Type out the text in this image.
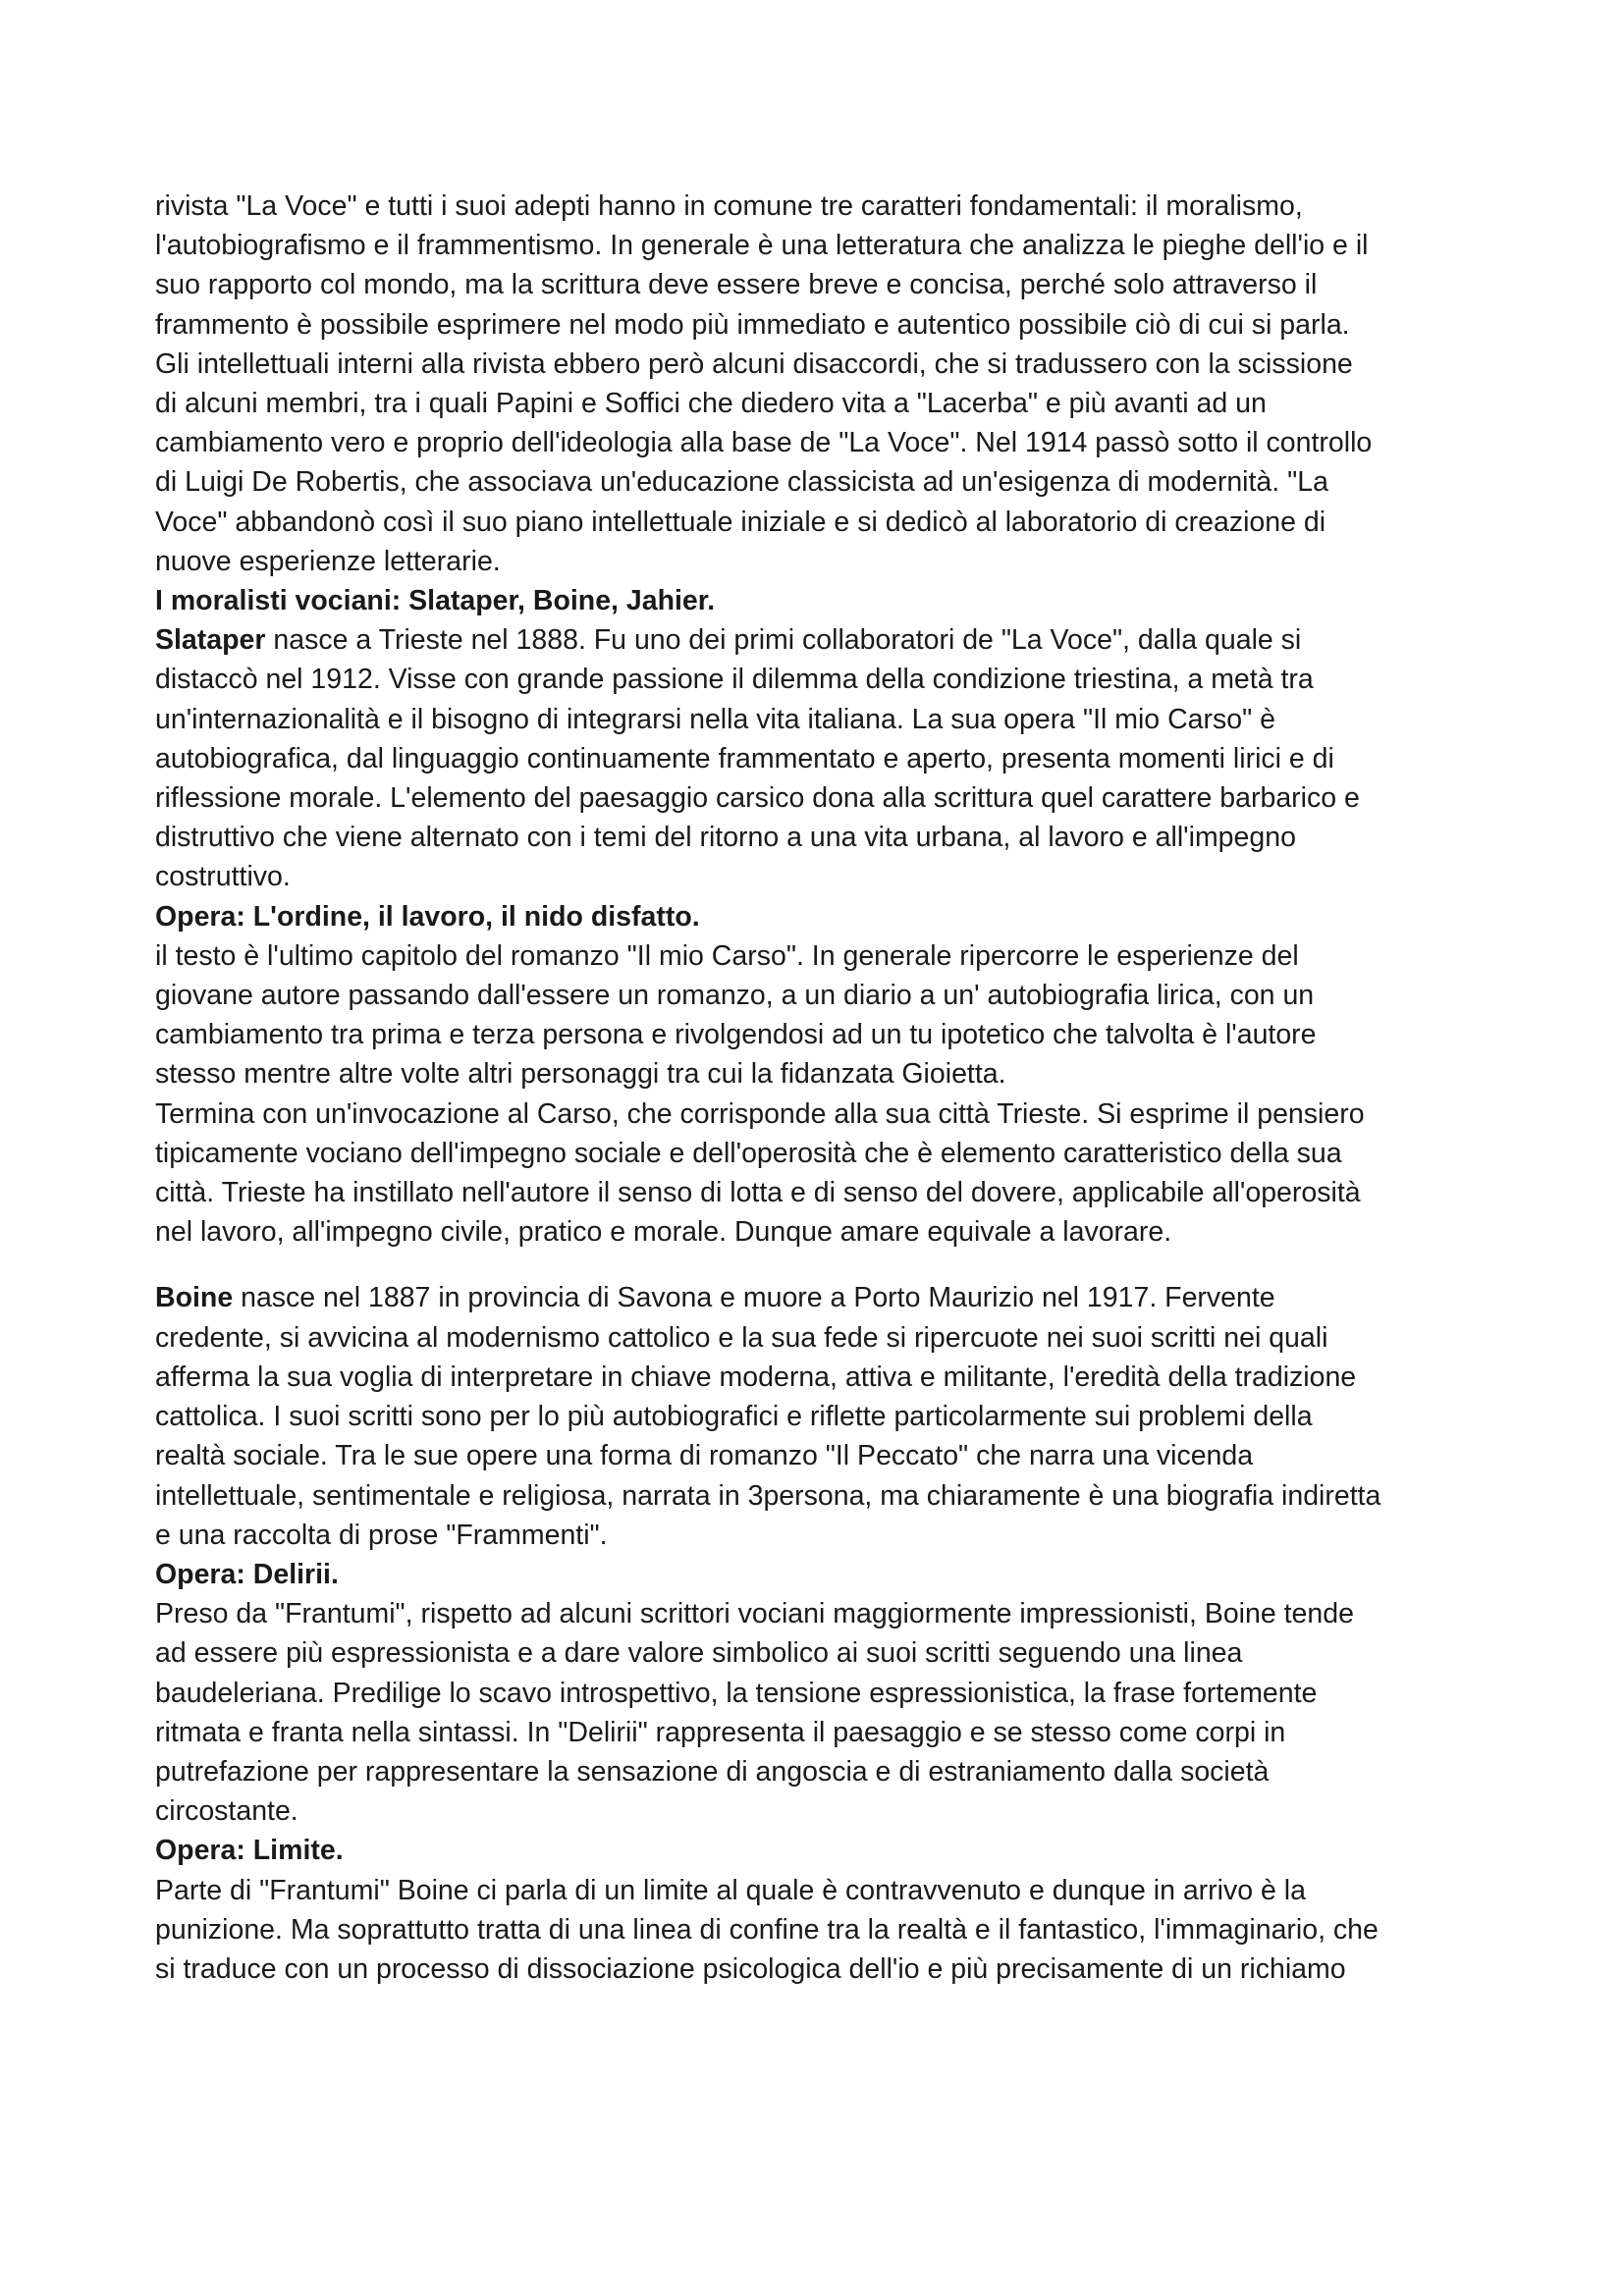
rivista "La Voce" e tutti i suoi adepti hanno in comune tre caratteri fondamentali: il moralismo,
l'autobiografismo e il frammentismo. In generale è una letteratura che analizza le pieghe dell'io e il
suo rapporto col mondo, ma la scrittura deve essere breve e concisa, perché solo attraverso il
frammento è possibile esprimere nel modo più immediato e autentico possibile ciò di cui si parla.
Gli intellettuali interni alla rivista ebbero però alcuni disaccordi, che si tradussero con la scissione
di alcuni membri, tra i quali Papini e Soffici che diedero vita a "Lacerba" e più avanti ad un
cambiamento vero e proprio dell'ideologia alla base de "La Voce". Nel 1914 passò sotto il controllo
di Luigi De Robertis, che associava un'educazione classicista ad un'esigenza di modernità. "La
Voce" abbandonò così il suo piano intellettuale iniziale e si dedicò al laboratorio di creazione di
nuove esperienze letterarie.

I moralisti vociani: Slataper, Boine, Jahier.

Slataper nasce a Trieste nel 1888. Fu uno dei primi collaboratori de "La Voce", dalla quale si
distaccò nel 1912. Visse con grande passione il dilemma della condizione triestina, a metà tra
un'internazionalità e il bisogno di integrarsi nella vita italiana. La sua opera "Il mio Carso" è
autobiografica, dal linguaggio continuamente frammentato e aperto, presenta momenti lirici e di
riflessione morale. L'elemento del paesaggio carsico dona alla scrittura quel carattere barbarico e
distruttivo che viene alternato con i temi del ritorno a una vita urbana, al lavoro e all'impegno
costruttivo.

Opera: L'ordine, il lavoro, il nido disfatto.

il testo è l'ultimo capitolo del romanzo "Il mio Carso". In generale ripercorre le esperienze del
giovane autore passando dall'essere un romanzo, a un diario a un' autobiografia lirica, con un
cambiamento tra prima e terza persona e rivolgendosi ad un tu ipotetico che talvolta è l'autore
stesso mentre altre volte altri personaggi tra cui la fidanzata Gioietta.
Termina con un'invocazione al Carso, che corrisponde alla sua città Trieste. Si esprime il pensiero
tipicamente vociano dell'impegno sociale e dell'operosità che è elemento caratteristico della sua
città. Trieste ha instillato nell'autore il senso di lotta e di senso del dovere, applicabile all'operosità
nel lavoro, all'impegno civile, pratico e morale. Dunque amare equivale a lavorare.

Boine nasce nel 1887 in provincia di Savona e muore a Porto Maurizio nel 1917. Fervente
credente, si avvicina al modernismo cattolico e la sua fede si ripercuote nei suoi scritti nei quali
afferma la sua voglia di interpretare in chiave moderna, attiva e militante, l'eredità della tradizione
cattolica. I suoi scritti sono per lo più autobiografici e riflette particolarmente sui problemi della
realtà sociale. Tra le sue opere una forma di romanzo "Il Peccato" che narra una vicenda
intellettuale, sentimentale e religiosa, narrata in 3persona, ma chiaramente è una biografia indiretta
e una raccolta di prose "Frammenti".

Opera: Delirii.

Preso da "Frantumi", rispetto ad alcuni scrittori vociani maggiormente impressionisti, Boine tende
ad essere più espressionista e a dare valore simbolico ai suoi scritti seguendo una linea
baudeleriana. Predilige lo scavo introspettivo, la tensione espressionistica, la frase fortemente
ritmata e franta nella sintassi. In "Delirii" rappresenta il paesaggio e se stesso come corpi in
putrefazione per rappresentare la sensazione di angoscia e di estraniamento dalla società
circostante.

Opera: Limite.

Parte di "Frantumi" Boine ci parla di un limite al quale è contravvenuto e dunque in arrivo è la
punizione. Ma soprattutto tratta di una linea di confine tra la realtà e il fantastico, l'immaginario, che
si traduce con un processo di dissociazione psicologica dell'io e più precisamente di un richiamo
